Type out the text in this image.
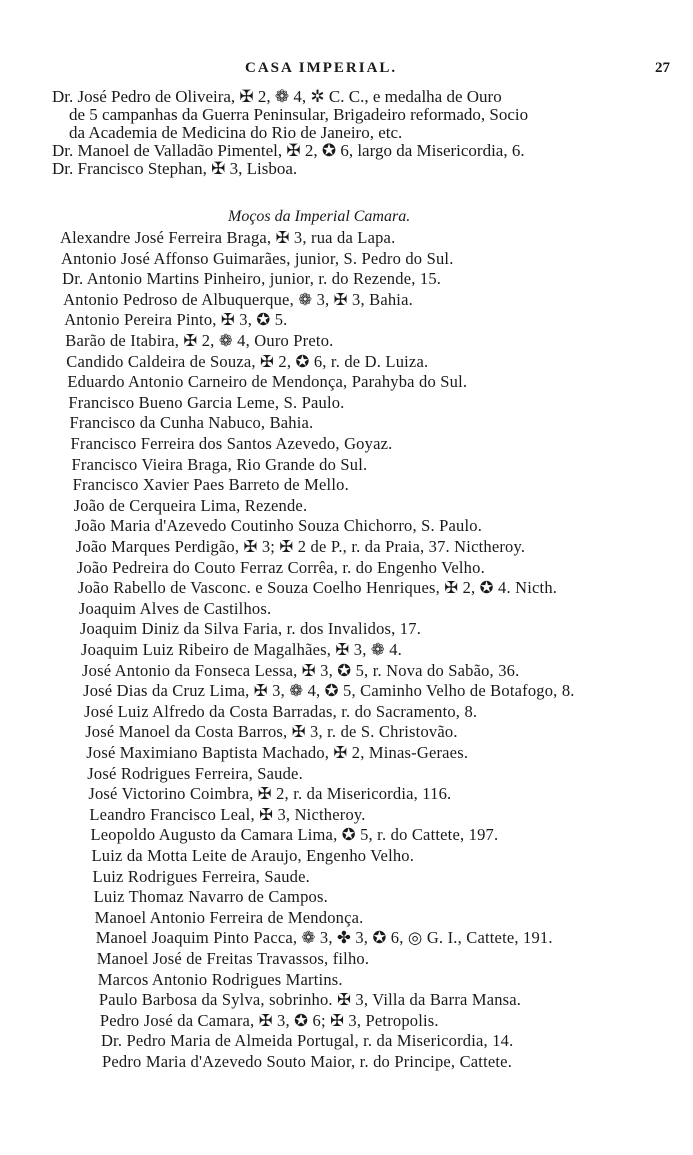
CASA IMPERIAL.	27
Dr. José Pedro de Oliveira, ✠ 2, ❁ 4, ✲ C. C., e medalha de Ouro
de 5 campanhas da Guerra Peninsular, Brigadeiro reformado, Socio
da Academia de Medicina do Rio de Janeiro, etc.
Dr. Manoel de Valladão Pimentel, ✠ 2, ✪ 6, largo da Misericordia, 6.
Dr. Francisco Stephan, ✠ 3, Lisboa.
Moços da Imperial Camara.
Alexandre José Ferreira Braga, ✠ 3, rua da Lapa.
Antonio José Affonso Guimarães, junior, S. Pedro do Sul.
Dr. Antonio Martins Pinheiro, junior, r. do Rezende, 15.
Antonio Pedroso de Albuquerque, ❁ 3, ✠ 3, Bahia.
Antonio Pereira Pinto, ✠ 3, ✪ 5.
Barão de Itabira, ✠ 2, ❁ 4, Ouro Preto.
Candido Caldeira de Souza, ✠ 2, ✪ 6, r. de D. Luiza.
Eduardo Antonio Carneiro de Mendonça, Parahyba do Sul.
Francisco Bueno Garcia Leme, S. Paulo.
Francisco da Cunha Nabuco, Bahia.
Francisco Ferreira dos Santos Azevedo, Goyaz.
Francisco Vieira Braga, Rio Grande do Sul.
Francisco Xavier Paes Barreto de Mello.
João de Cerqueira Lima, Rezende.
João Maria d'Azevedo Coutinho Souza Chichorro, S. Paulo.
João Marques Perdigão, ✠ 3; ✠ 2 de P., r. da Praia, 37. Nictheroy.
João Pedreira do Couto Ferraz Corrêa, r. do Engenho Velho.
João Rabello de Vasconc. e Souza Coelho Henriques, ✠ 2, ✪ 4. Nicth.
Joaquim Alves de Castilhos.
Joaquim Diniz da Silva Faria, r. dos Invalidos, 17.
Joaquim Luiz Ribeiro de Magalhães, ✠ 3, ❁ 4.
José Antonio da Fonseca Lessa, ✠ 3, ✪ 5, r. Nova do Sabão, 36.
José Dias da Cruz Lima, ✠ 3, ❁ 4, ✪ 5, Caminho Velho de Botafogo, 8.
José Luiz Alfredo da Costa Barradas, r. do Sacramento, 8.
José Manoel da Costa Barros, ✠ 3, r. de S. Christovão.
José Maximiano Baptista Machado, ✠ 2, Minas-Geraes.
José Rodrigues Ferreira, Saude.
José Victorino Coimbra, ✠ 2, r. da Misericordia, 116.
Leandro Francisco Leal, ✠ 3, Nictheroy.
Leopoldo Augusto da Camara Lima, ✪ 5, r. do Cattete, 197.
Luiz da Motta Leite de Araujo, Engenho Velho.
Luiz Rodrigues Ferreira, Saude.
Luiz Thomaz Navarro de Campos.
Manoel Antonio Ferreira de Mendonça.
Manoel Joaquim Pinto Pacca, ❁ 3, ✤ 3, ✪ 6, ◎ G. I., Cattete, 191.
Manoel José de Freitas Travassos, filho.
Marcos Antonio Rodrigues Martins.
Paulo Barbosa da Sylva, sobrinho. ✠ 3, Villa da Barra Mansa.
Pedro José da Camara, ✠ 3, ✪ 6; ✠ 3, Petropolis.
Dr. Pedro Maria de Almeida Portugal, r. da Misericordia, 14.
Pedro Maria d'Azevedo Souto Maior, r. do Principe, Cattete.
